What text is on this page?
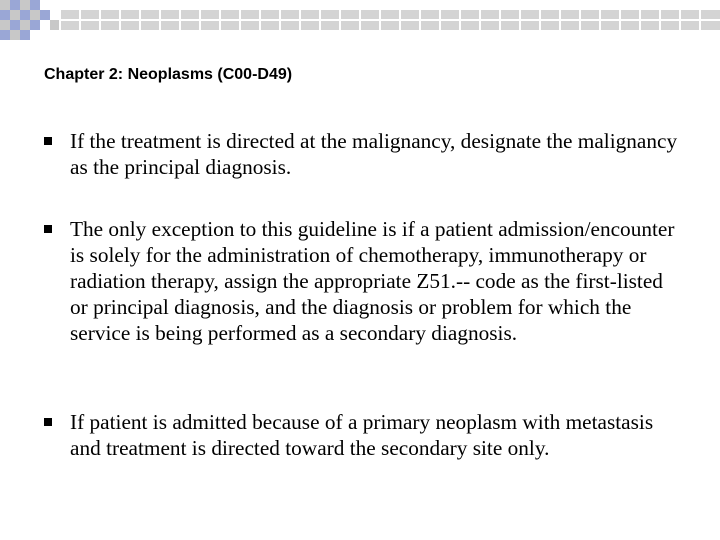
Chapter 2: Neoplasms (C00-D49)

If the treatment is directed at the malignancy, designate the malignancy as the principal diagnosis.

The only exception to this guideline is if a patient admission/encounter is solely for the administration of chemotherapy, immunotherapy or radiation therapy, assign the appropriate Z51.-- code as the first-listed or principal diagnosis, and the diagnosis or problem for which the service is being performed as a secondary diagnosis.

If patient is admitted because of a primary neoplasm with metastasis and treatment is directed toward the secondary site only.
